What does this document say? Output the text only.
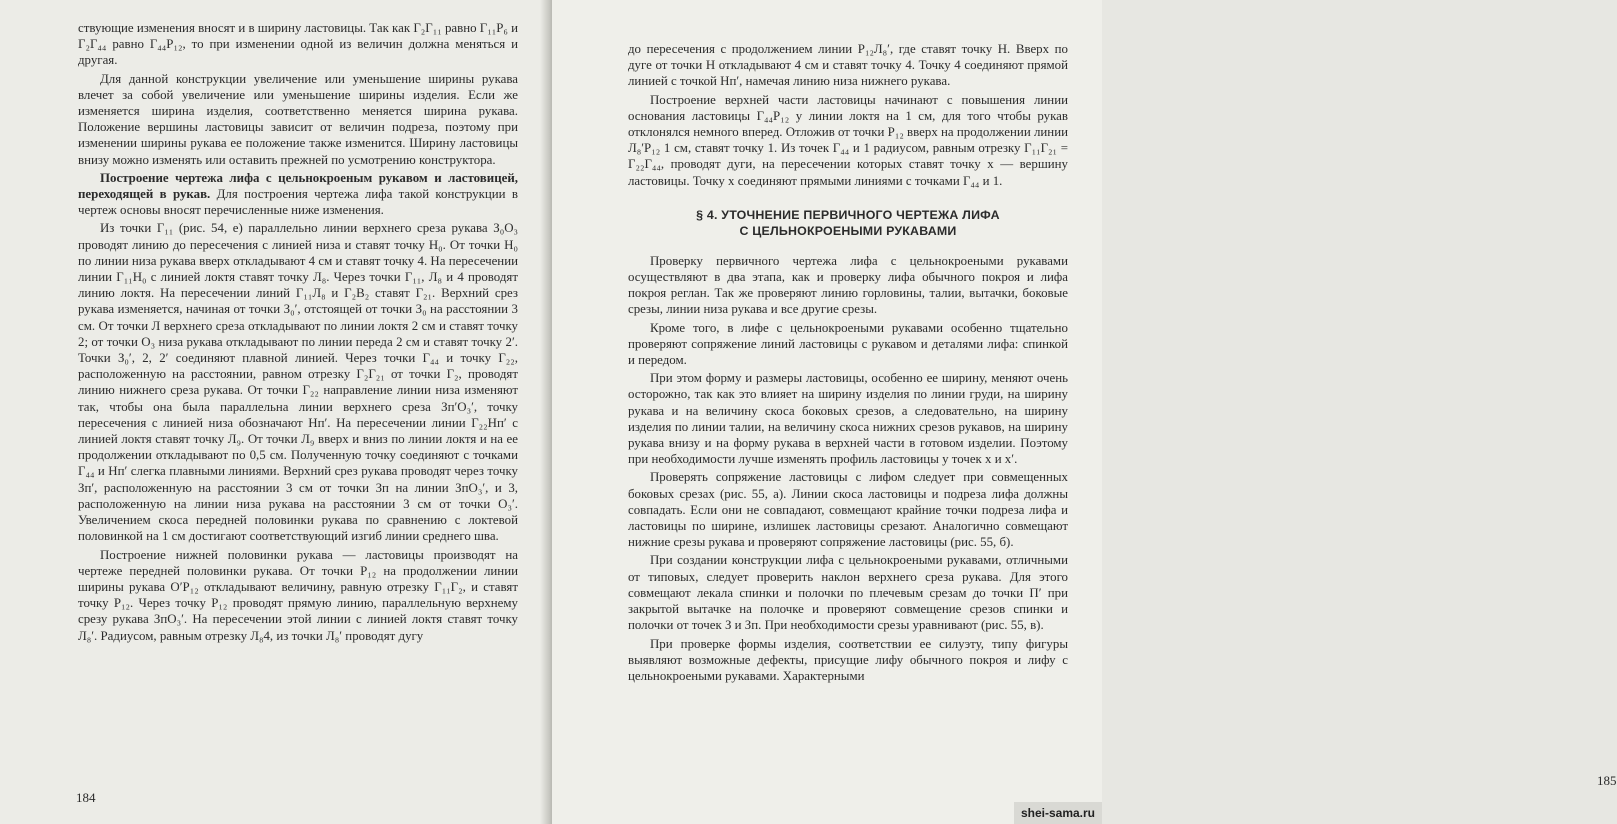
ствующие изменения вносят и в ширину ластовицы. Так как Г₂Г₁₁ равно Г₁₁Р₆ и Г₂Г₄₄ равно Г₄₄Р₁₂, то при изменении одной из величин должна меняться и другая.

Для данной конструкции увеличение или уменьшение ширины рукава влечет за собой увеличение или уменьшение ширины изделия. Если же изменяется ширина изделия, соответственно меняется ширина рукава. Положение вершины ластовицы зависит от величин подреза, поэтому при изменении ширины рукава ее положение также изменится. Ширину ластовицы внизу можно изменять или оставить прежней по усмотрению конструктора.

Построение чертежа лифа с цельнокроеным рукавом и ластовицей, переходящей в рукав. Для построения чертежа лифа такой конструкции в чертеж основы вносят перечисленные ниже изменения.

Из точки Г₁₁ (рис. 54, е) параллельно линии верхнего среза рукава З₀О₃ проводят линию до пересечения с линией низа и ставят точку Н₀. От точки Н₀ по линии низа рукава вверх откладывают 4 см и ставят точку 4. На пересечении линии Г₁₁Н₀ с линией локтя ставят точку Л₈. Через точки Г₁₁, Л₈ и 4 проводят линию локтя. На пересечении линий Г₁₁Л₈ и Г₂В₂ ставят Г₂₁. Верхний срез рукава изменяется, начиная от точки З₀′, отстоящей от точки З₀ на расстоянии 3 см. От точки Л верхнего среза откладывают по линии локтя 2 см и ставят точку 2; от точки О₃ низа рукава откладывают по линии переда 2 см и ставят точку 2′. Точки З₀′, 2, 2′ соединяют плавной линией. Через точки Г₄₄ и точку Г₂₂, расположенную на расстоянии, равном отрезку Г₂Г₂₁ от точки Г₂, проводят линию нижнего среза рукава. От точки Г₂₂ направление линии низа изменяют так, чтобы она была параллельна линии верхнего среза Зп′О₃′, точку пересечения с линией низа обозначают Нп′. На пересечении линии Г₂₂Нп′ с линией локтя ставят точку Л₉. От точки Л₉ вверх и вниз по линии локтя и на ее продолжении откладывают по 0,5 см. Полученную точку соединяют с точками Г₄₄ и Нп′ слегка плавными линиями. Верхний срез рукава проводят через точку Зп′, расположенную на расстоянии 3 см от точки Зп на линии ЗпО₃′, и 3, расположенную на линии низа рукава на расстоянии 3 см от точки О₃′. Увеличением скоса передней половинки рукава по сравнению с локтевой половинкой на 1 см достигают соответствующий изгиб линии среднего шва.

Построение нижней половинки рукава — ластовицы производят на чертеже передней половинки рукава. От точки Р₁₂ на продолжении линии ширины рукава О′Р₁₂ откладывают величину, равную отрезку Г₁₁Г₂, и ставят точку Р₁₂. Через точку Р₁₂ проводят прямую линию, параллельную верхнему срезу рукава ЗпО₃′. На пересечении этой линии с линией локтя ставят точку Л₈′. Радиусом, равным отрезку Л₈4, из точки Л₈′ проводят дугу

184
185

до пересечения с продолжением линии Р₁₂Л₈′, где ставят точку Н. Вверх по дуге от точки Н откладывают 4 см и ставят точку 4. Точку 4 соединяют прямой линией с точкой Нп′, намечая линию низа нижнего рукава.

Построение верхней части ластовицы начинают с повышения линии основания ластовицы Г₄₄Р₁₂ у линии локтя на 1 см, для того чтобы рукав отклонялся немного вперед. Отложив от точки Р₁₂ вверх на продолжении линии Л₈′Р₁₂ 1 см, ставят точку 1. Из точек Г₄₄ и 1 радиусом, равным отрезку Г₁₁Г₂₁ = Г₂₂Г₄₄, проводят дуги, на пересечении которых ставят точку x — вершину ластовицы. Точку x соединяют прямыми линиями с точками Г₄₄ и 1.

§ 4. УТОЧНЕНИЕ ПЕРВИЧНОГО ЧЕРТЕЖА ЛИФА
С ЦЕЛЬНОКРОЕНЫМИ РУКАВАМИ

Проверку первичного чертежа лифа с цельнокроеными рукавами осуществляют в два этапа, как и проверку лифа обычного покроя и лифа покроя реглан. Так же проверяют линию горловины, талии, вытачки, боковые срезы, линии низа рукава и все другие срезы.

Кроме того, в лифе с цельнокроеными рукавами особенно тщательно проверяют сопряжение линий ластовицы с рукавом и деталями лифа: спинкой и передом.

При этом форму и размеры ластовицы, особенно ее ширину, меняют очень осторожно, так как это влияет на ширину изделия по линии груди, на ширину рукава и на величину скоса боковых срезов, а следовательно, на ширину изделия по линии талии, на величину скоса нижних срезов рукавов, на ширину рукава внизу и на форму рукава в верхней части в готовом изделии. Поэтому при необходимости лучше изменять профиль ластовицы у точек x и x′.

Проверять сопряжение ластовицы с лифом следует при совмещенных боковых срезах (рис. 55, а). Линии скоса ластовицы и подреза лифа должны совпадать. Если они не совпадают, совмещают крайние точки подреза лифа и ластовицы по ширине, излишек ластовицы срезают. Аналогично совмещают нижние срезы рукава и проверяют сопряжение ластовицы (рис. 55, б).

При создании конструкции лифа с цельнокроеными рукавами, отличными от типовых, следует проверить наклон верхнего среза рукава. Для этого совмещают лекала спинки и полочки по плечевым срезам до точки П′ при закрытой вытачке на полочке и проверяют совмещение срезов спинки и полочки от точек З и Зп. При необходимости срезы уравнивают (рис. 55, в).

При проверке формы изделия, соответствии ее силуэту, типу фигуры выявляют возможные дефекты, присущие лифу обычного покроя и лифу с цельнокроеными рукавами. Характерными

shei-sama.ru
